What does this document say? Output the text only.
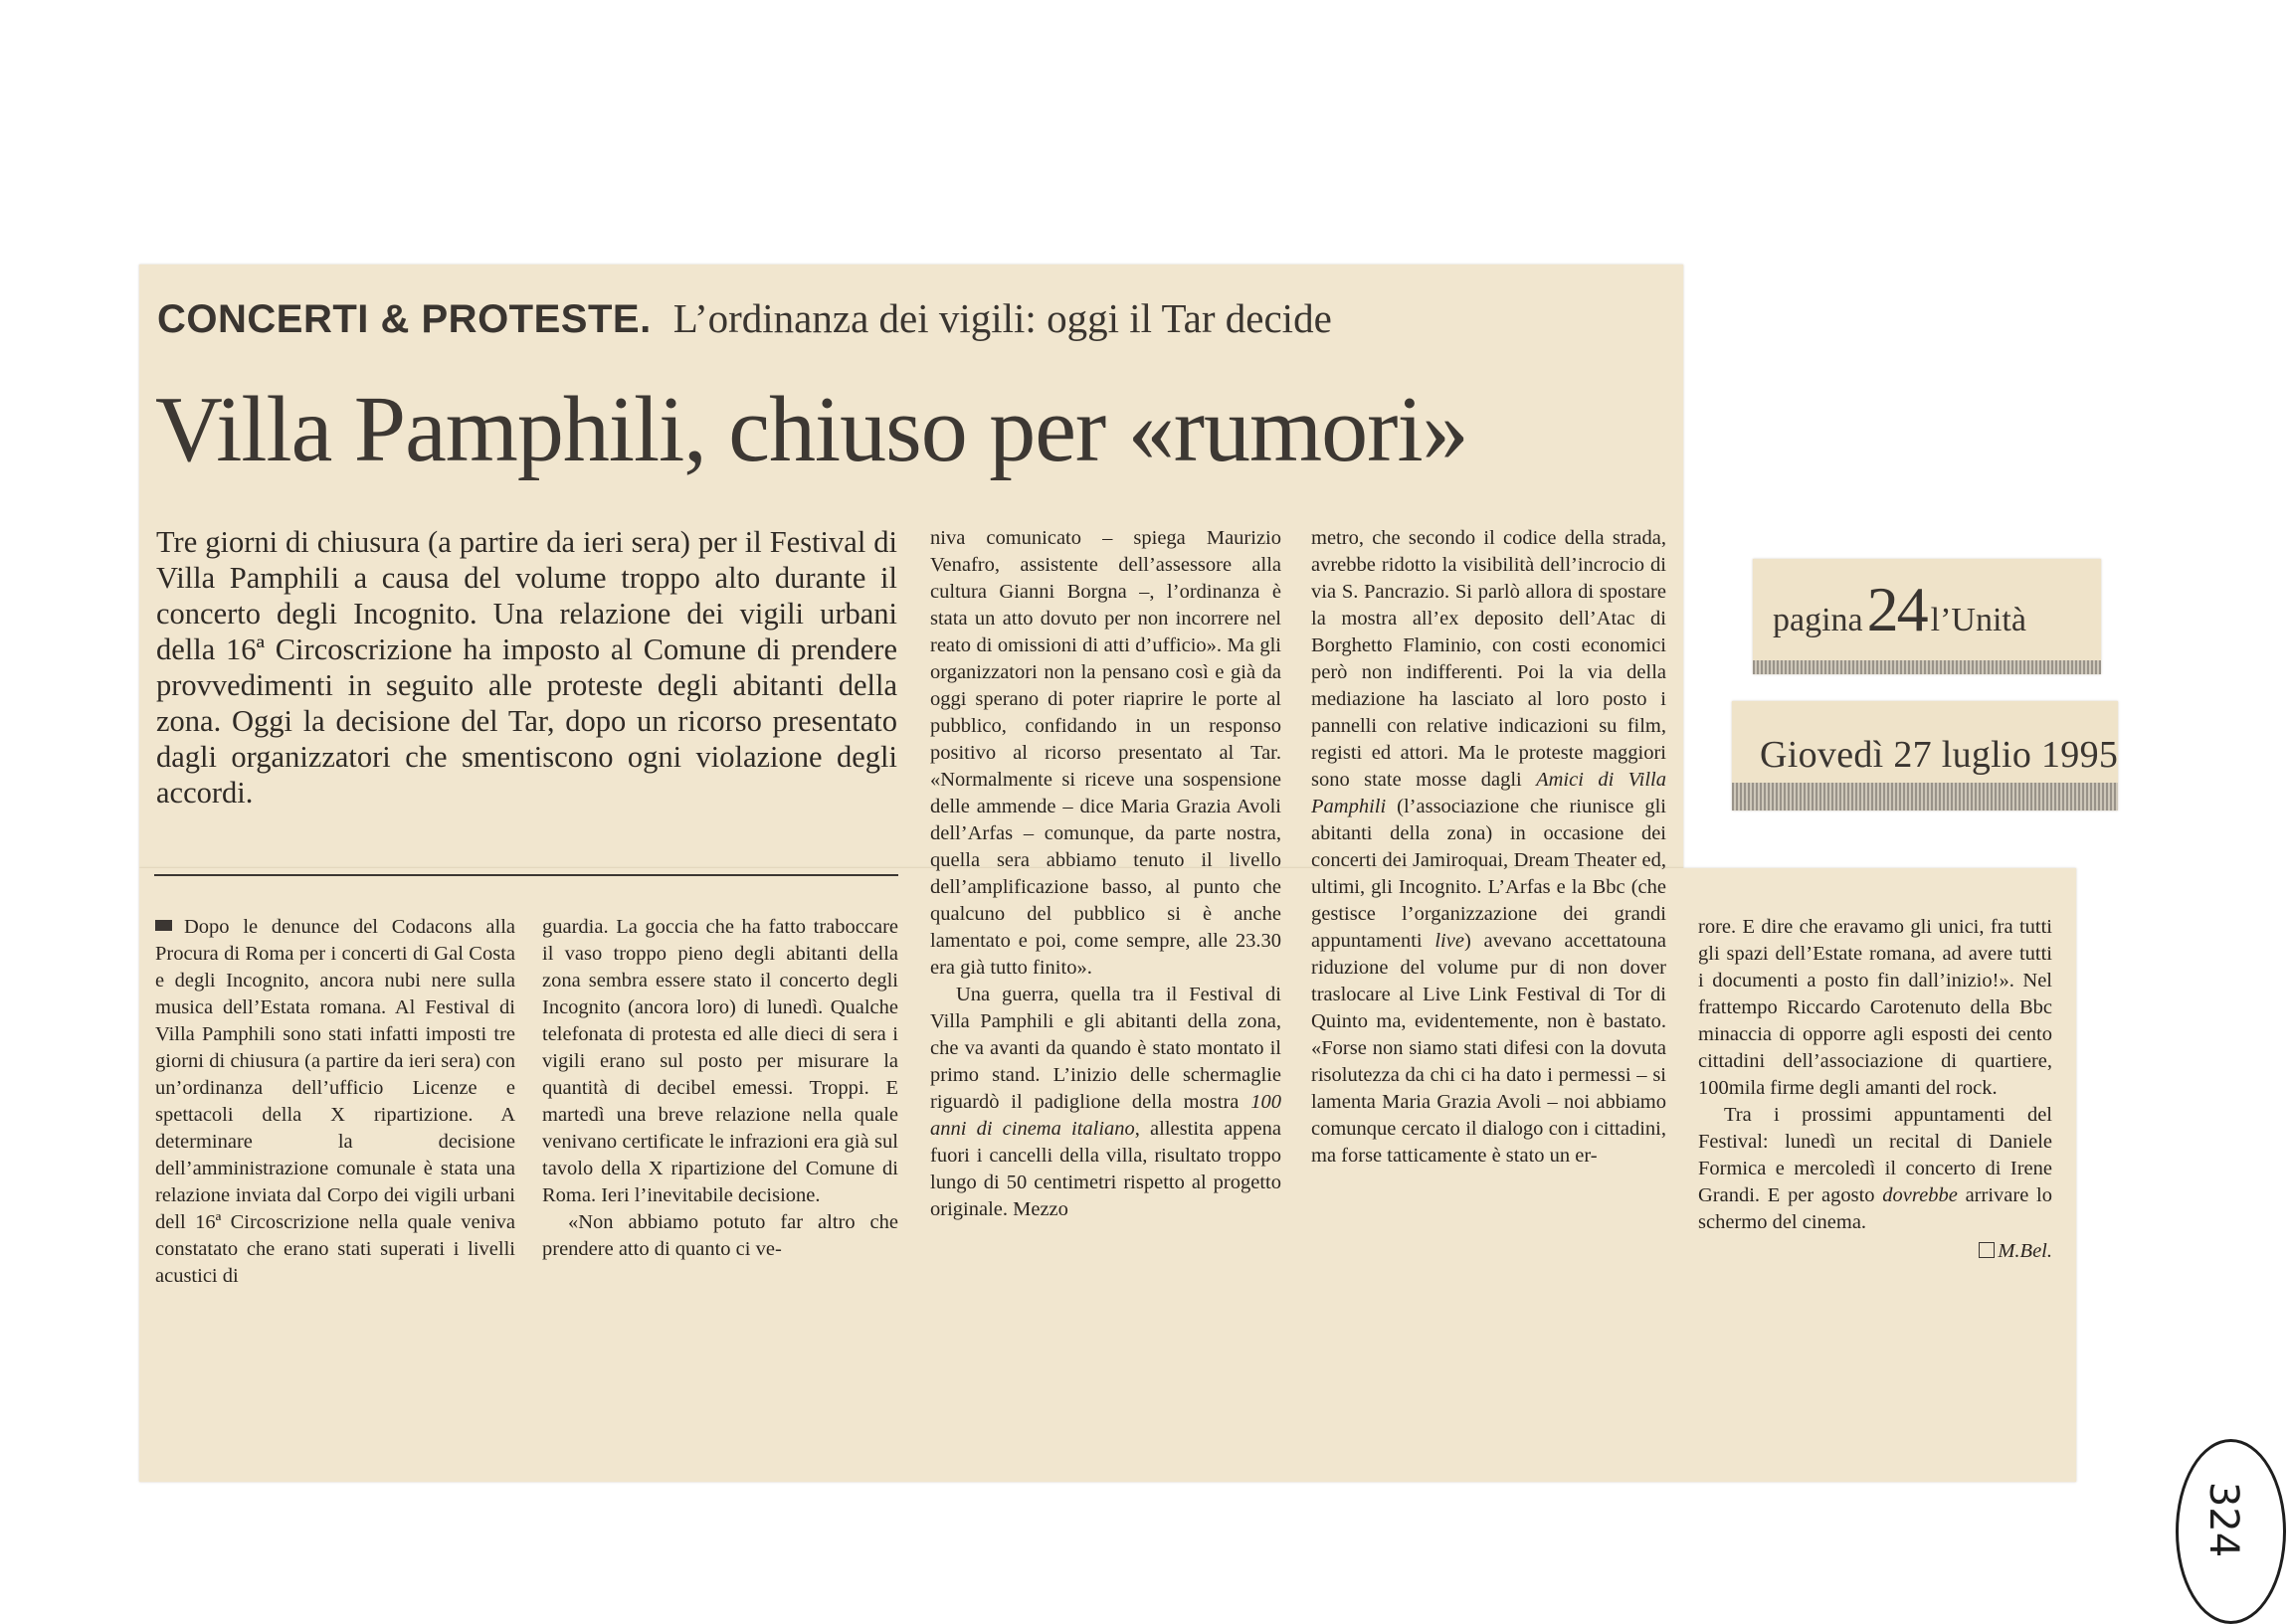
CONCERTI & PROTESTE. L’ordinanza dei vigili: oggi il Tar decide
Villa Pamphili, chiuso per «rumori»
Tre giorni di chiusura (a partire da ieri sera) per il Festival di Villa Pamphili a causa del volume troppo alto durante il concerto degli Incognito. Una relazione dei vigili urbani della 16ª Circoscrizione ha imposto al Comune di prendere provvedimenti in seguito alle proteste degli abitanti della zona. Oggi la decisione del Tar, dopo un ricorso presentato dagli organizzatori che smentiscono ogni violazione degli accordi.

Dopo le denunce del Codacons alla Procura di Roma per i concerti di Gal Costa e degli Incognito, ancora nubi nere sulla musica dell’Estata romana. Al Festival di Villa Pamphili sono stati infatti imposti tre giorni di chiusura (a partire da ieri sera) con un’ordinanza dell’ufficio Licenze e spettacoli della X ripartizione. A determinare la decisione dell’amministrazione comunale è stata una relazione inviata dal Corpo dei vigili urbani dell 16ª Circoscrizione nella quale veniva constatato che erano stati superati i livelli acustici di

guardia. La goccia che ha fatto traboccare il vaso troppo pieno degli abitanti della zona sembra essere stato il concerto degli Incognito (ancora loro) di lunedì. Qualche telefonata di protesta ed alle dieci di sera i vigili erano sul posto per misurare la quantità di decibel emessi. Troppi. E martedì una breve relazione nella quale venivano certificate le infrazioni era già sul tavolo della X ripartizione del Comune di Roma. Ieri l’inevitabile decisione.

«Non abbiamo potuto far altro che prendere atto di quanto ci ve-

niva comunicato – spiega Maurizio Venafro, assistente dell’assessore alla cultura Gianni Borgna –, l’ordinanza è stata un atto dovuto per non incorrere nel reato di omissioni di atti d’ufficio». Ma gli organizzatori non la pensano così e già da oggi sperano di poter riaprire le porte al pubblico, confidando in un responso positivo al ricorso presentato al Tar. «Normalmente si riceve una sospensione delle ammende – dice Maria Grazia Avoli dell’Arfas – comunque, da parte nostra, quella sera abbiamo tenuto il livello dell’amplificazione basso, al punto che qualcuno del pubblico si è anche lamentato e poi, come sempre, alle 23.30 era già tutto finito».

Una guerra, quella tra il Festival di Villa Pamphili e gli abitanti della zona, che va avanti da quando è stato montato il primo stand. L’inizio delle schermaglie riguardò il padiglione della mostra 100 anni di cinema italiano, allestita appena fuori i cancelli della villa, risultato troppo lungo di 50 centimetri rispetto al progetto originale. Mezzo

metro, che secondo il codice della strada, avrebbe ridotto la visibilità dell’incrocio di via S. Pancrazio. Si parlò allora di spostare la mostra all’ex deposito dell’Atac di Borghetto Flaminio, con costi economici però non indifferenti. Poi la via della mediazione ha lasciato al loro posto i pannelli con relative indicazioni su film, registi ed attori. Ma le proteste maggiori sono state mosse dagli Amici di Villa Pamphili (l’associazione che riunisce gli abitanti della zona) in occasione dei concerti dei Jamiroquai, Dream Theater ed, ultimi, gli Incognito. L’Arfas e la Bbc (che gestisce l’organizzazione dei grandi appuntamenti live) avevano accettatouna riduzione del volume pur di non dover traslocare al Live Link Festival di Tor di Quinto ma, evidentemente, non è bastato. «Forse non siamo stati difesi con la dovuta risolutezza da chi ci ha dato i permessi – si lamenta Maria Grazia Avoli – noi abbiamo comunque cercato il dialogo con i cittadini, ma forse tatticamente è stato un er-

rore. E dire che eravamo gli unici, fra tutti gli spazi dell’Estate romana, ad avere tutti i documenti a posto fin dall’inizio!». Nel frattempo Riccardo Carotenuto della Bbc minaccia di opporre agli esposti dei cento cittadini dell’associazione di quartiere, 100mila firme degli amanti del rock.

Tra i prossimi appuntamenti del Festival: lunedì un recital di Daniele Formica e mercoledì il concerto di Irene Grandi. E per agosto dovrebbe arrivare lo schermo del cinema.

M.Bel.
pagina 24 l’Unità
Giovedì 27 luglio 1995
324
